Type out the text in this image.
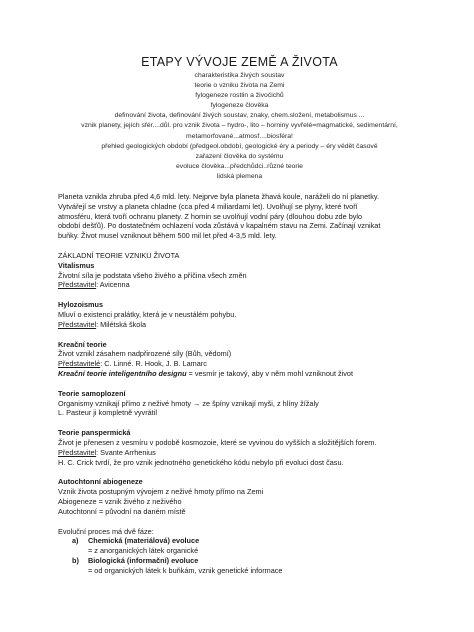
ETAPY VÝVOJE ZEMĚ A ŽIVOTA
charakteristika živých soustav
teorie o vzniku života na Zemi
fylogeneze rostlin a živočichů
fylogeneze člověka
definování života, definování živých soustav, znaky, chem.složení, metabolismus ...
vznik planety, jejích sfér....důl. pro vznik života – hydro-, lito – horniny vyvřelé=magmatické, sedimentární,
metamorfované...atmosf....biosféra!
přehled geologických období (předgeol.období, geologické éry a periody – éry vědět časově
zařazení člověka do systému
evoluce člověka...předchůdci..různé teorie
lidská plemena

Planeta vznikla zhruba před 4,6 mld. lety. Nejprve byla planeta žhavá koule, naráželi do ní planetky.
Vytvářejí se vrstvy a planeta chladne (cca před 4 miliardami let). Uvolňují se plyny, které tvoří
atmosféru, která tvoří ochranu planety. Z hornin se uvolňují vodní páry (dlouhou dobu zde bylo
období dešťů). Po dostatečném ochlazení voda zůstává v kapalném stavu na Zemi. Začínají vznikat
buňky. Život musel vzniknout během 500 mil let před 4-3,5 mld. lety.

ZÁKLADNÍ TEORIE VZNIKU ŽIVOTA

Vitalismus

Životní síla je podstata všeho živého a příčina všech změn

Představitel: Avicenna

Hylozoismus

Mluví o existenci pralátky, která je v neustálém pohybu.

Představitel: Milétská škola

Kreační teorie

Život vznikl zásahem nadpřirozené síly (Bůh, vědomí)

Představitelé: C. Linné. R. Hook, J. B. Lamarc

Kreační teorie inteligentního designu = vesmír je takový, aby v něm mohl vzniknout život

Teorie samoplození

Organismy vznikají přímo z neživé hmoty → ze špíny vznikají myši, z hlíny žížaly

L. Pasteur ji kompletně vyvrátil

Teorie panspermická

Život je přenesen z vesmíru v podobě kosmozoie, které se vyvinou do vyšších a složitějších forem.

Představitel: Svante Arrhenius

H. C. Crick tvrdí, že pro vznik jednotného genetického kódu nebylo při evoluci dost času.

Autochtonní abiogeneze

Vznik života postupným vývojem z neživé hmoty přímo na Zemi

Abiogeneze = vznik živého z neživého

Autochtonní = původní na daném místě

Evoluční proces má dvě fáze:

a)	Chemická (materiálová) evoluce

= z anorganických látek organické

b)	Biologická (informační) evoluce

= od organických látek k buňkám, vznik genetické informace
